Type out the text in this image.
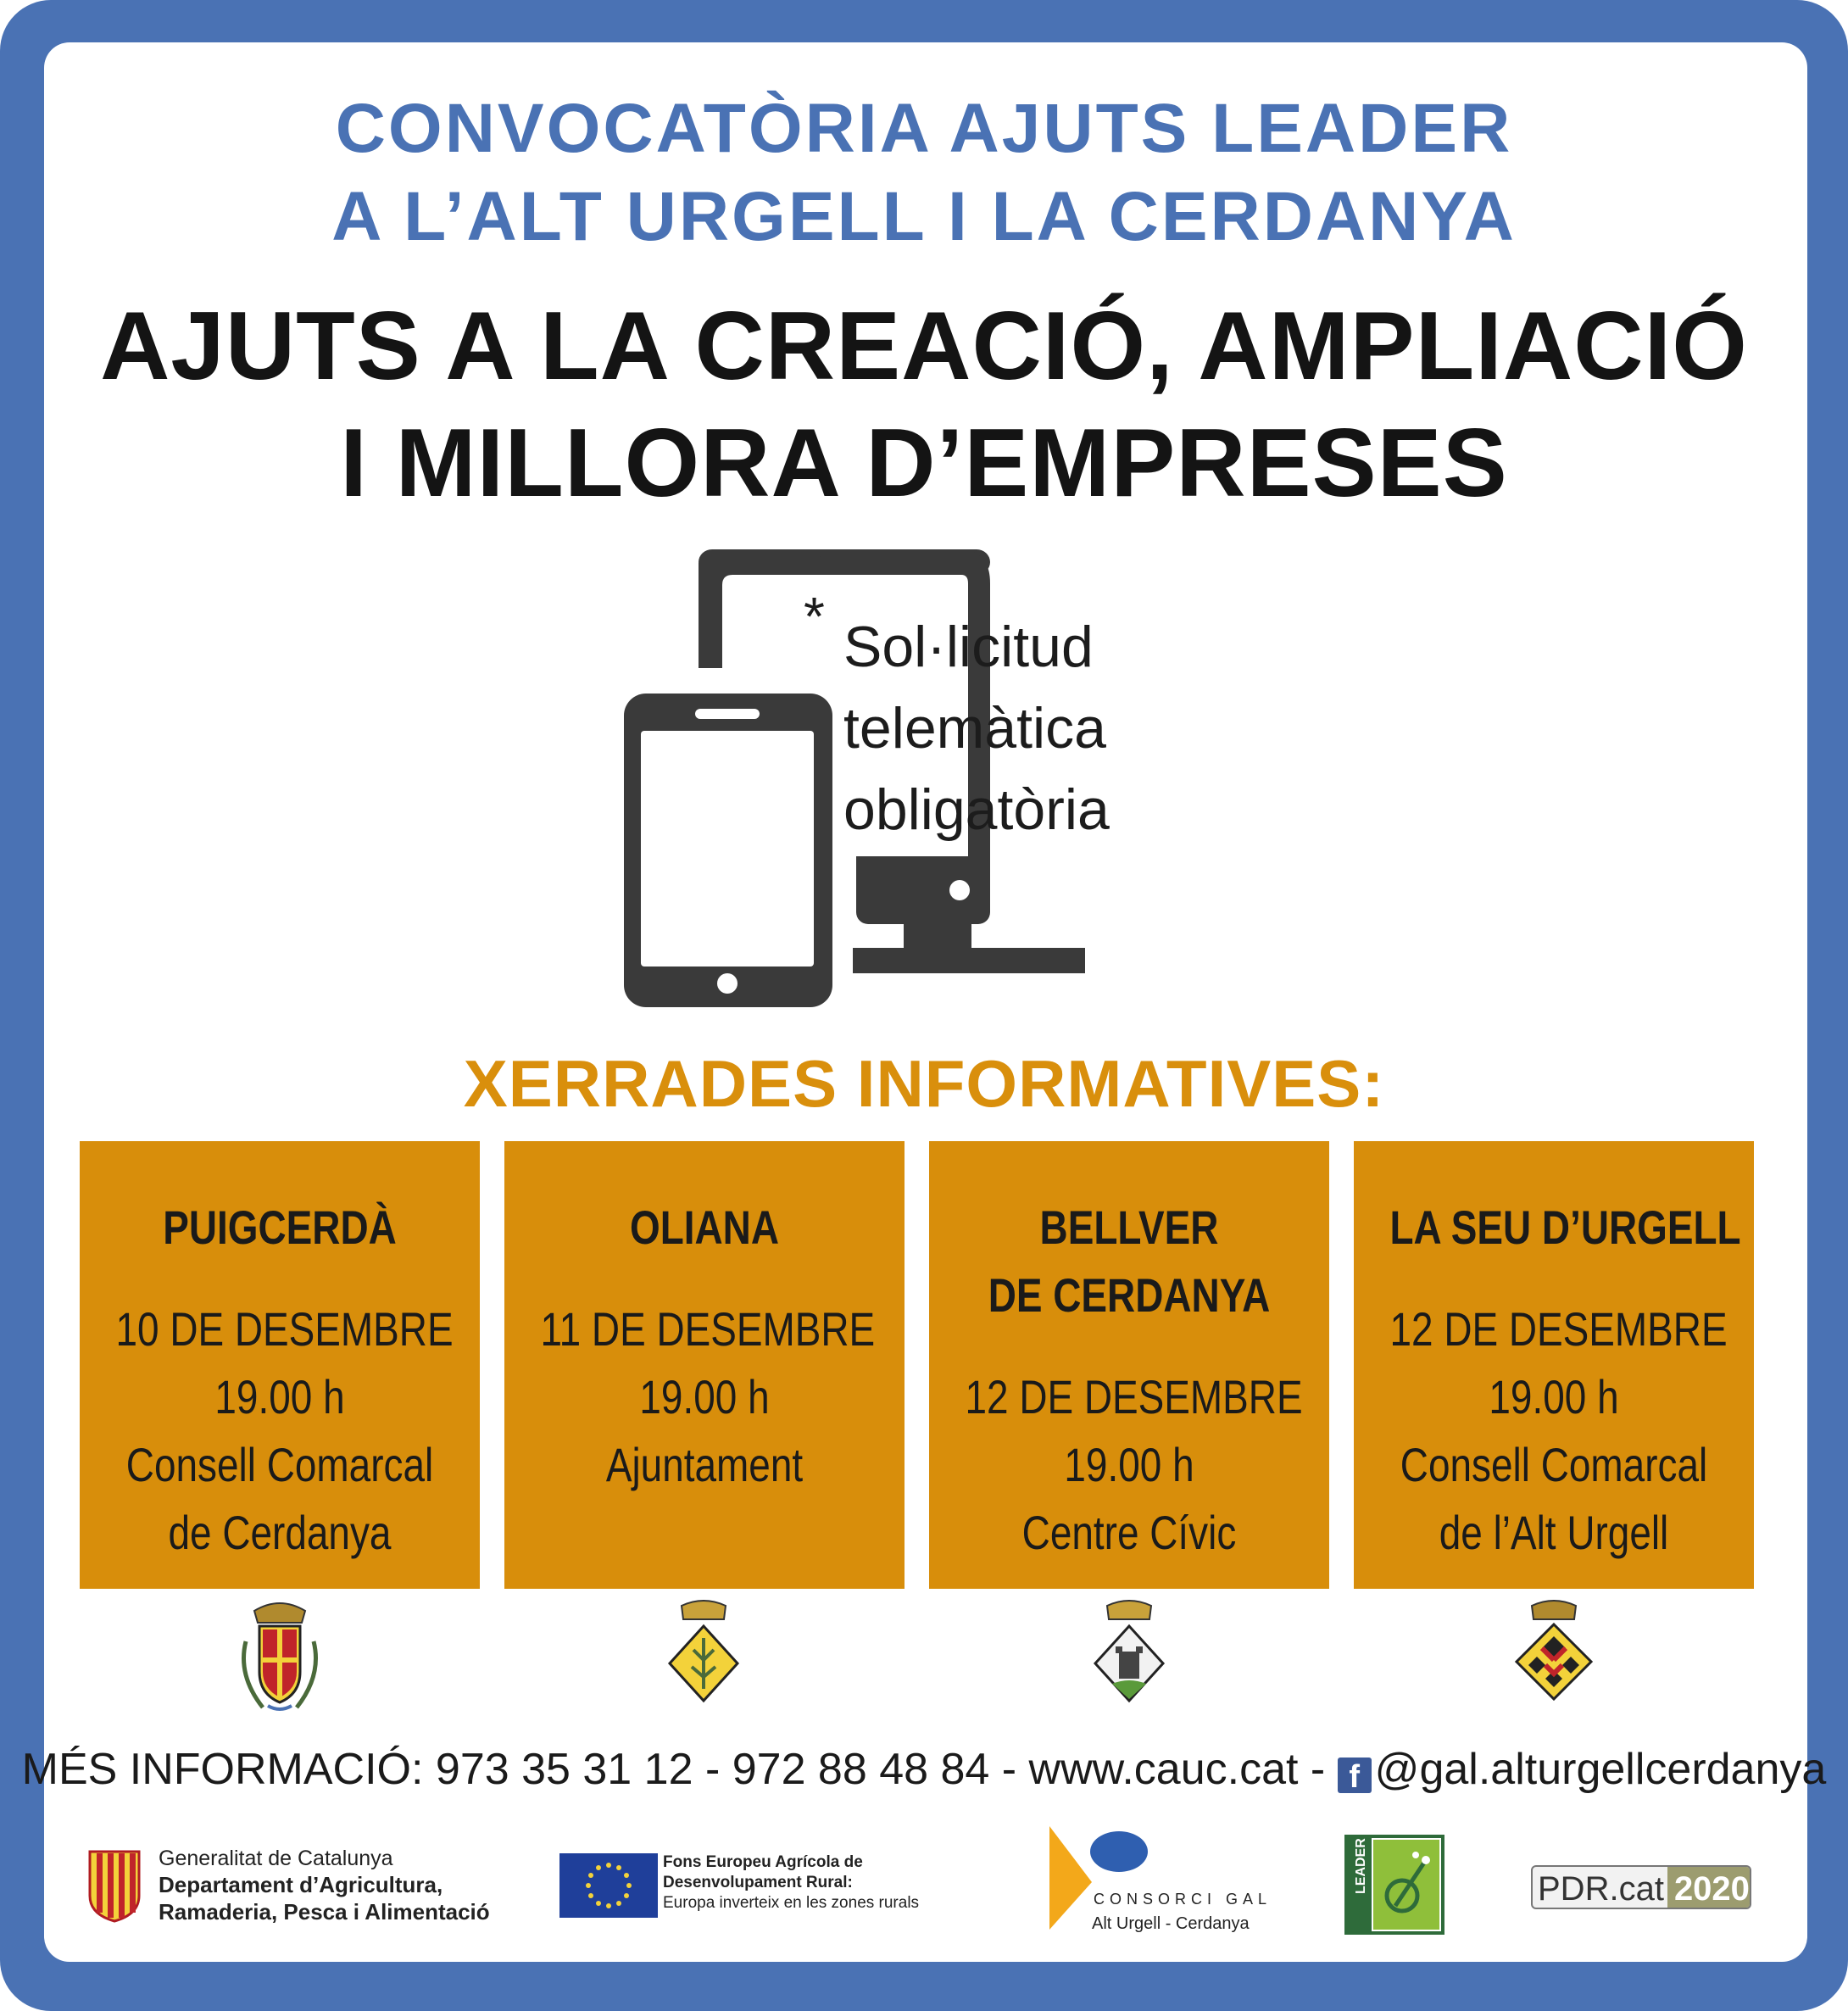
CONVOCATÒRIA AJUTS LEADER
A L’ALT URGELL I LA CERDANYA
AJUTS A LA CREACIÓ, AMPLIACIÓ
I MILLORA D’EMPRESES
* Sol·licitud
telemàtica
obligatòria
XERRADES INFORMATIVES:
PUIGCERDÀ
10 DE DESEMBRE
19.00 h
Consell Comarcal
de Cerdanya
OLIANA
11 DE DESEMBRE
19.00 h
Ajuntament
BELLVER
DE CERDANYA
12 DE DESEMBRE
19.00 h
Centre Cívic
LA SEU D’URGELL
12 DE DESEMBRE
19.00 h
Consell Comarcal
de l’Alt Urgell
MÉS INFORMACIÓ: 973 35 31 12 - 972 88 48 84 - www.cauc.cat - f @gal.alturgellcerdanya
Generalitat de Catalunya
Departament d’Agricultura,
Ramaderia, Pesca i Alimentació
Fons Europeu Agrícola de
Desenvolupament Rural:
Europa inverteix en les zones rurals	CONSORCI GAL
Alt Urgell - Cerdanya
LEADER	PDR.cat 2020
